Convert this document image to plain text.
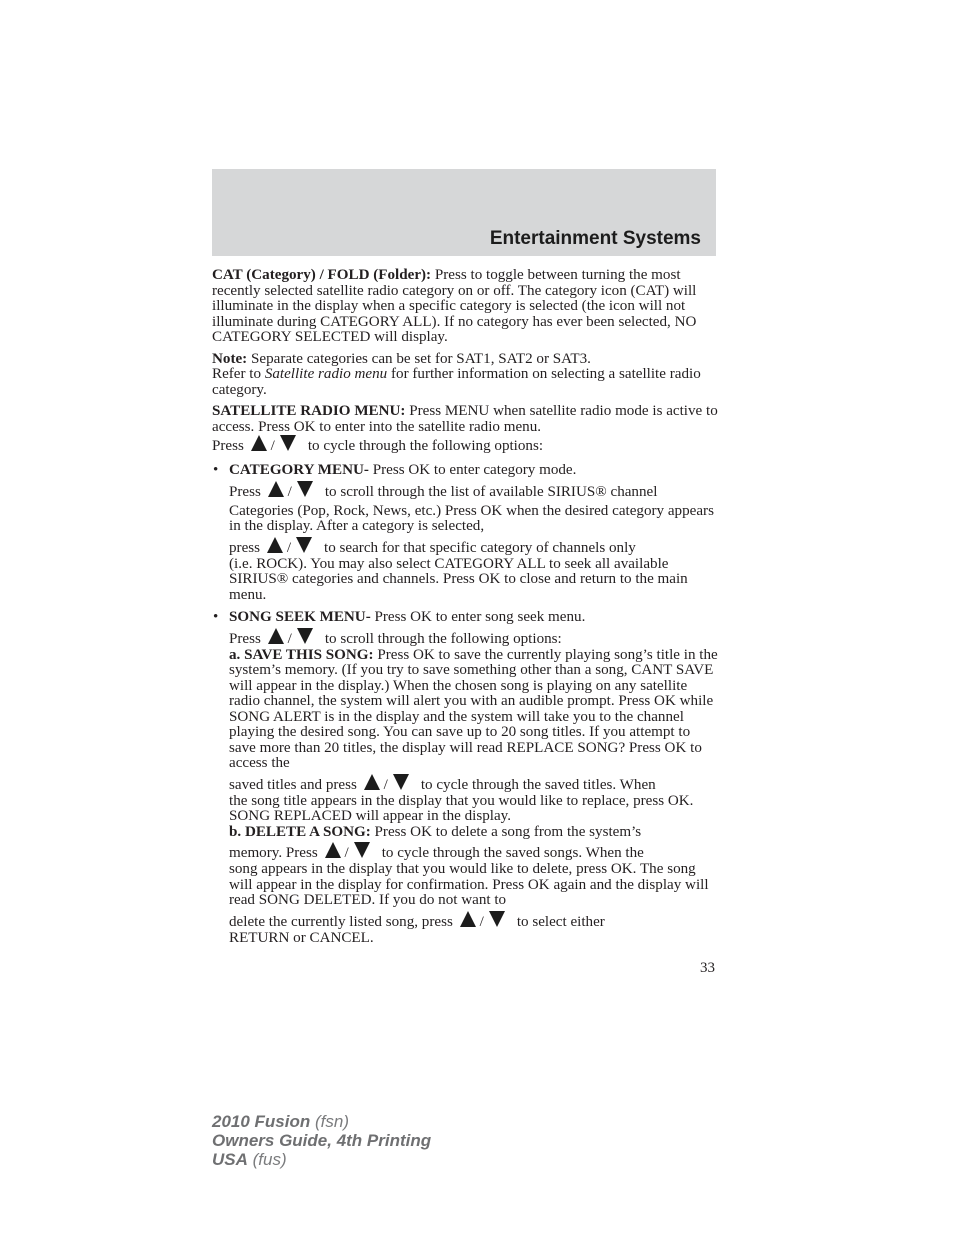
Entertainment Systems

CAT (Category) / FOLD (Folder): Press to toggle between turning the most recently selected satellite radio category on or off. The category icon (CAT) will illuminate in the display when a specific category is selected (the icon will not illuminate during CATEGORY ALL). If no category has ever been selected, NO CATEGORY SELECTED will display.

Note: Separate categories can be set for SAT1, SAT2 or SAT3.
Refer to Satellite radio menu for further information on selecting a satellite radio category.

SATELLITE RADIO MENU: Press MENU when satellite radio mode is active to access. Press OK to enter into the satellite radio menu.
Press / to cycle through the following options:

• CATEGORY MENU- Press OK to enter category mode.
Press / to scroll through the list of available SIRIUS® channel
Categories (Pop, Rock, News, etc.) Press OK when the desired category appears in the display. After a category is selected,
press / to search for that specific category of channels only
(i.e. ROCK). You may also select CATEGORY ALL to seek all available SIRIUS® categories and channels. Press OK to close and return to the main menu.
• SONG SEEK MENU- Press OK to enter song seek menu.
Press / to scroll through the following options:
a. SAVE THIS SONG: Press OK to save the currently playing song’s title in the system’s memory. (If you try to save something other than a song, CANT SAVE will appear in the display.) When the chosen song is playing on any satellite radio channel, the system will alert you with an audible prompt. Press OK while SONG ALERT is in the display and the system will take you to the channel playing the desired song. You can save up to 20 song titles. If you attempt to save more than 20 titles, the display will read REPLACE SONG? Press OK to access the
saved titles and press / to cycle through the saved titles. When
the song title appears in the display that you would like to replace, press OK. SONG REPLACED will appear in the display.
b. DELETE A SONG: Press OK to delete a song from the system’s
memory. Press / to cycle through the saved songs. When the
song appears in the display that you would like to delete, press OK. The song will appear in the display for confirmation. Press OK again and the display will read SONG DELETED. If you do not want to
delete the currently listed song, press / to select either
RETURN or CANCEL.
33
2010 Fusion (fsn)
Owners Guide, 4th Printing
USA (fus)
